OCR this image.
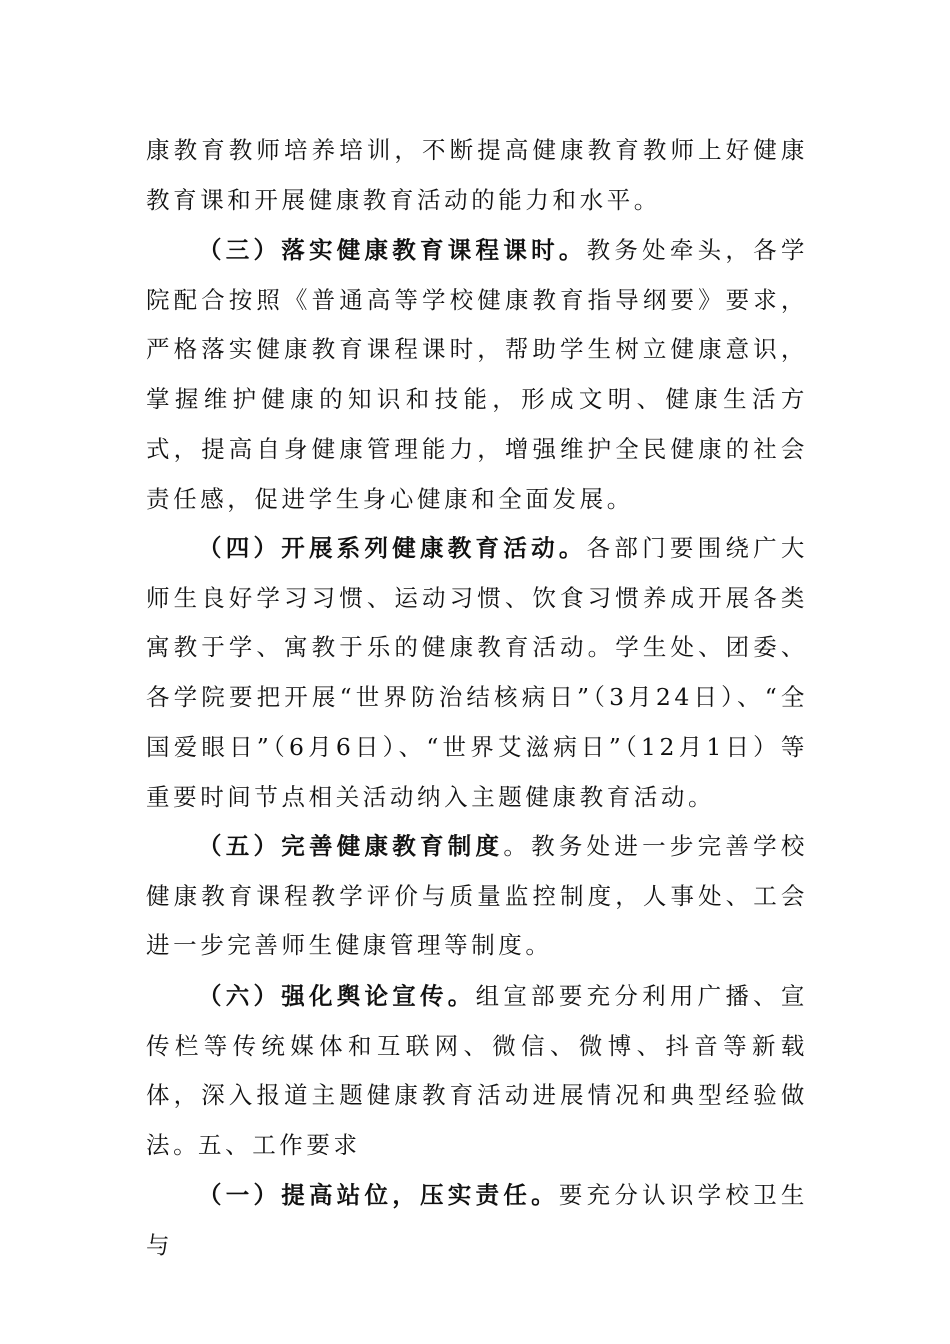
康教育教师培养培训，不断提高健康教育教师上好健康教育课和开展健康教育活动的能力和水平。

（三）落实健康教育课程课时。教务处牵头，各学院配合按照《普通高等学校健康教育指导纲要》要求，严格落实健康教育课程课时，帮助学生树立健康意识，掌握维护健康的知识和技能，形成文明、健康生活方式，提高自身健康管理能力，增强维护全民健康的社会责任感，促进学生身心健康和全面发展。

（四）开展系列健康教育活动。各部门要围绕广大师生良好学习习惯、运动习惯、饮食习惯养成开展各类寓教于学、寓教于乐的健康教育活动。学生处、团委、各学院要把开展“世界防治结核病日”（3月24日）、“全国爱眼日”（6月6日）、“世界艾滋病日”（12月1日）等重要时间节点相关活动纳入主题健康教育活动。

（五）完善健康教育制度。教务处进一步完善学校健康教育课程教学评价与质量监控制度，人事处、工会进一步完善师生健康管理等制度。

（六）强化舆论宣传。组宣部要充分利用广播、宣传栏等传统媒体和互联网、微信、微博、抖音等新载体，深入报道主题健康教育活动进展情况和典型经验做法。

五、工作要求

（一）提高站位，压实责任。要充分认识学校卫生与
